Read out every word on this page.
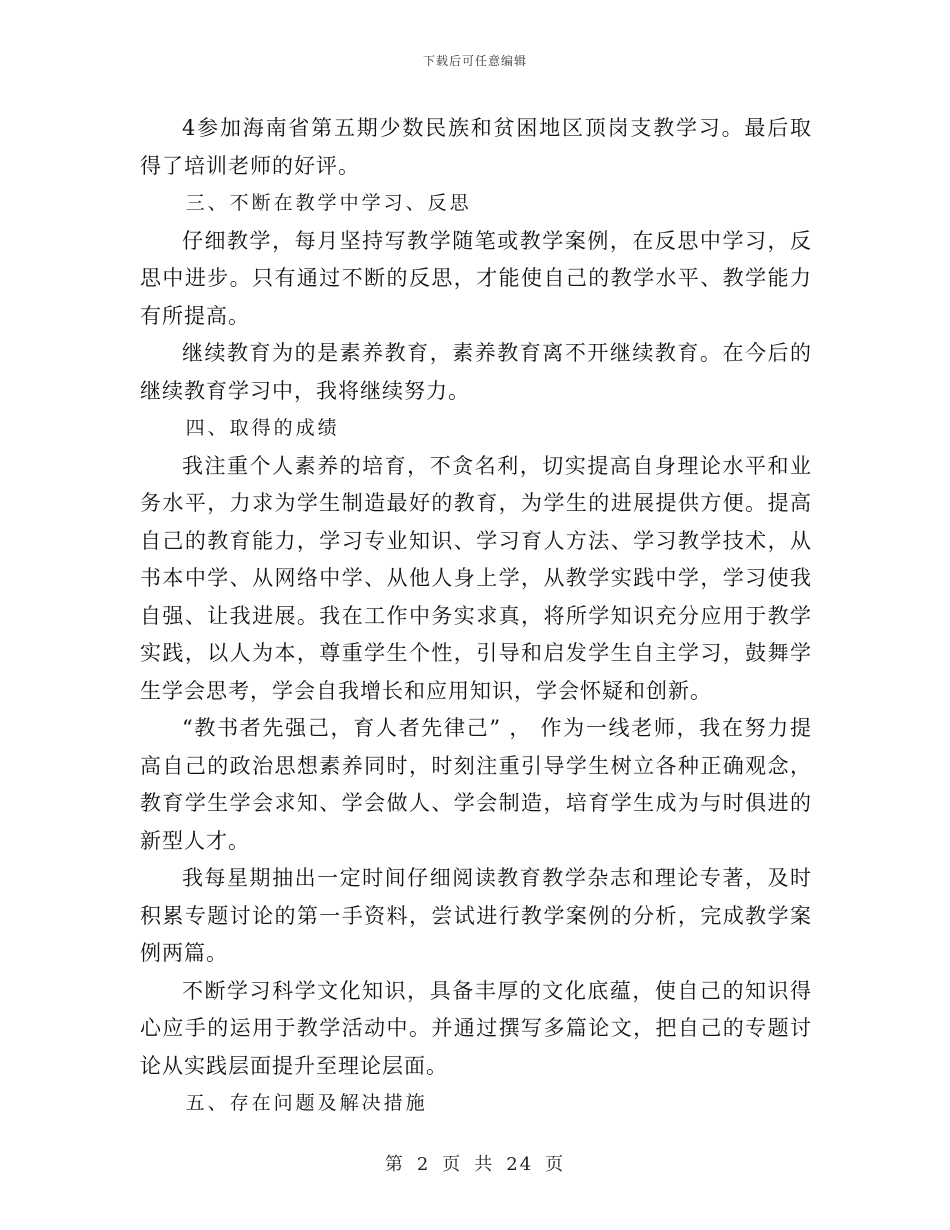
下载后可任意编辑

4参加海南省第五期少数民族和贫困地区顶岗支教学习。最后取得了培训老师的好评。

三、不断在教学中学习、反思

仔细教学，每月坚持写教学随笔或教学案例，在反思中学习，反思中进步。只有通过不断的反思，才能使自己的教学水平、教学能力有所提高。

继续教育为的是素养教育，素养教育离不开继续教育。在今后的继续教育学习中，我将继续努力。

四、取得的成绩

我注重个人素养的培育，不贪名利，切实提高自身理论水平和业务水平，力求为学生制造最好的教育，为学生的进展提供方便。提高自己的教育能力，学习专业知识、学习育人方法、学习教学技术，从书本中学、从网络中学、从他人身上学，从教学实践中学，学习使我自强、让我进展。我在工作中务实求真，将所学知识充分应用于教学实践，以人为本，尊重学生个性，引导和启发学生自主学习，鼓舞学生学会思考，学会自我增长和应用知识，学会怀疑和创新。

“教书者先强己，育人者先律己” ， 作为一线老师，我在努力提高自己的政治思想素养同时，时刻注重引导学生树立各种正确观念，教育学生学会求知、学会做人、学会制造，培育学生成为与时俱进的新型人才。

我每星期抽出一定时间仔细阅读教育教学杂志和理论专著，及时积累专题讨论的第一手资料，尝试进行教学案例的分析，完成教学案例两篇。

不断学习科学文化知识，具备丰厚的文化底蕴，使自己的知识得心应手的运用于教学活动中。并通过撰写多篇论文，把自己的专题讨论从实践层面提升至理论层面。

五、存在问题及解决措施

第 2 页 共 24 页
